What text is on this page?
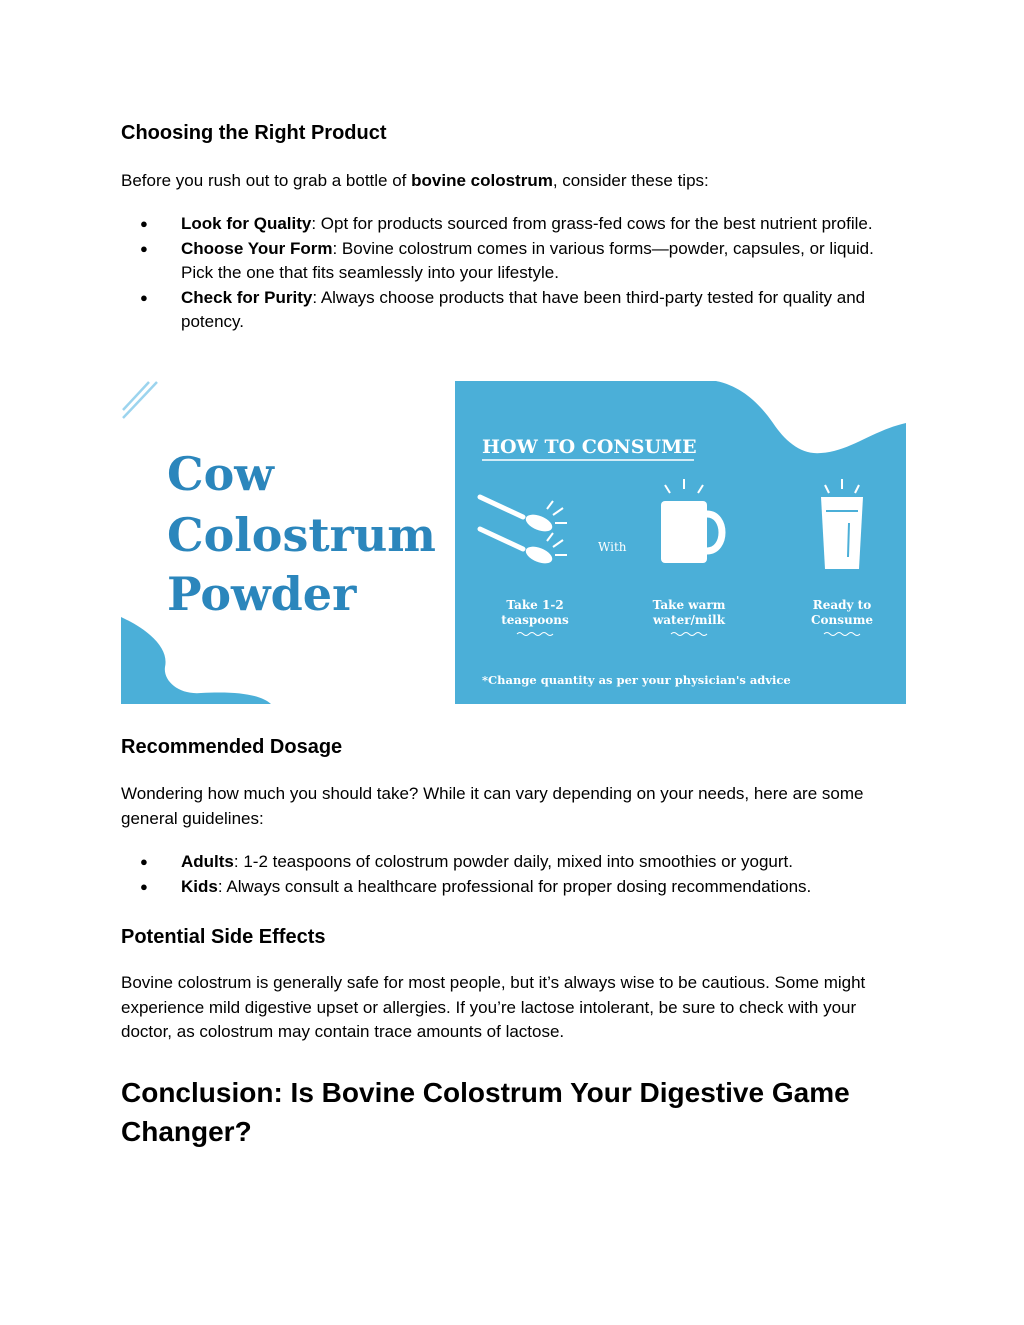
Choosing the Right Product

Before you rush out to grab a bottle of bovine colostrum, consider these tips:

● Look for Quality: Opt for products sourced from grass-fed cows for the best nutrient profile.
● Choose Your Form: Bovine colostrum comes in various forms—powder, capsules, or liquid. Pick the one that fits seamlessly into your lifestyle.
● Check for Purity: Always choose products that have been third-party tested for quality and potency.
Cow
Colostrum
Powder
HOW TO CONSUME
With
Take 1-2
teaspoons
Take warm
water/milk
Ready to
Consume
*Change quantity as per your physician's advice
Recommended Dosage

Wondering how much you should take? While it can vary depending on your needs, here are some general guidelines:

● Adults: 1-2 teaspoons of colostrum powder daily, mixed into smoothies or yogurt.
● Kids: Always consult a healthcare professional for proper dosing recommendations.
Potential Side Effects

Bovine colostrum is generally safe for most people, but it’s always wise to be cautious. Some might experience mild digestive upset or allergies. If you’re lactose intolerant, be sure to check with your doctor, as colostrum may contain trace amounts of lactose.

Conclusion: Is Bovine Colostrum Your Digestive Game Changer?
